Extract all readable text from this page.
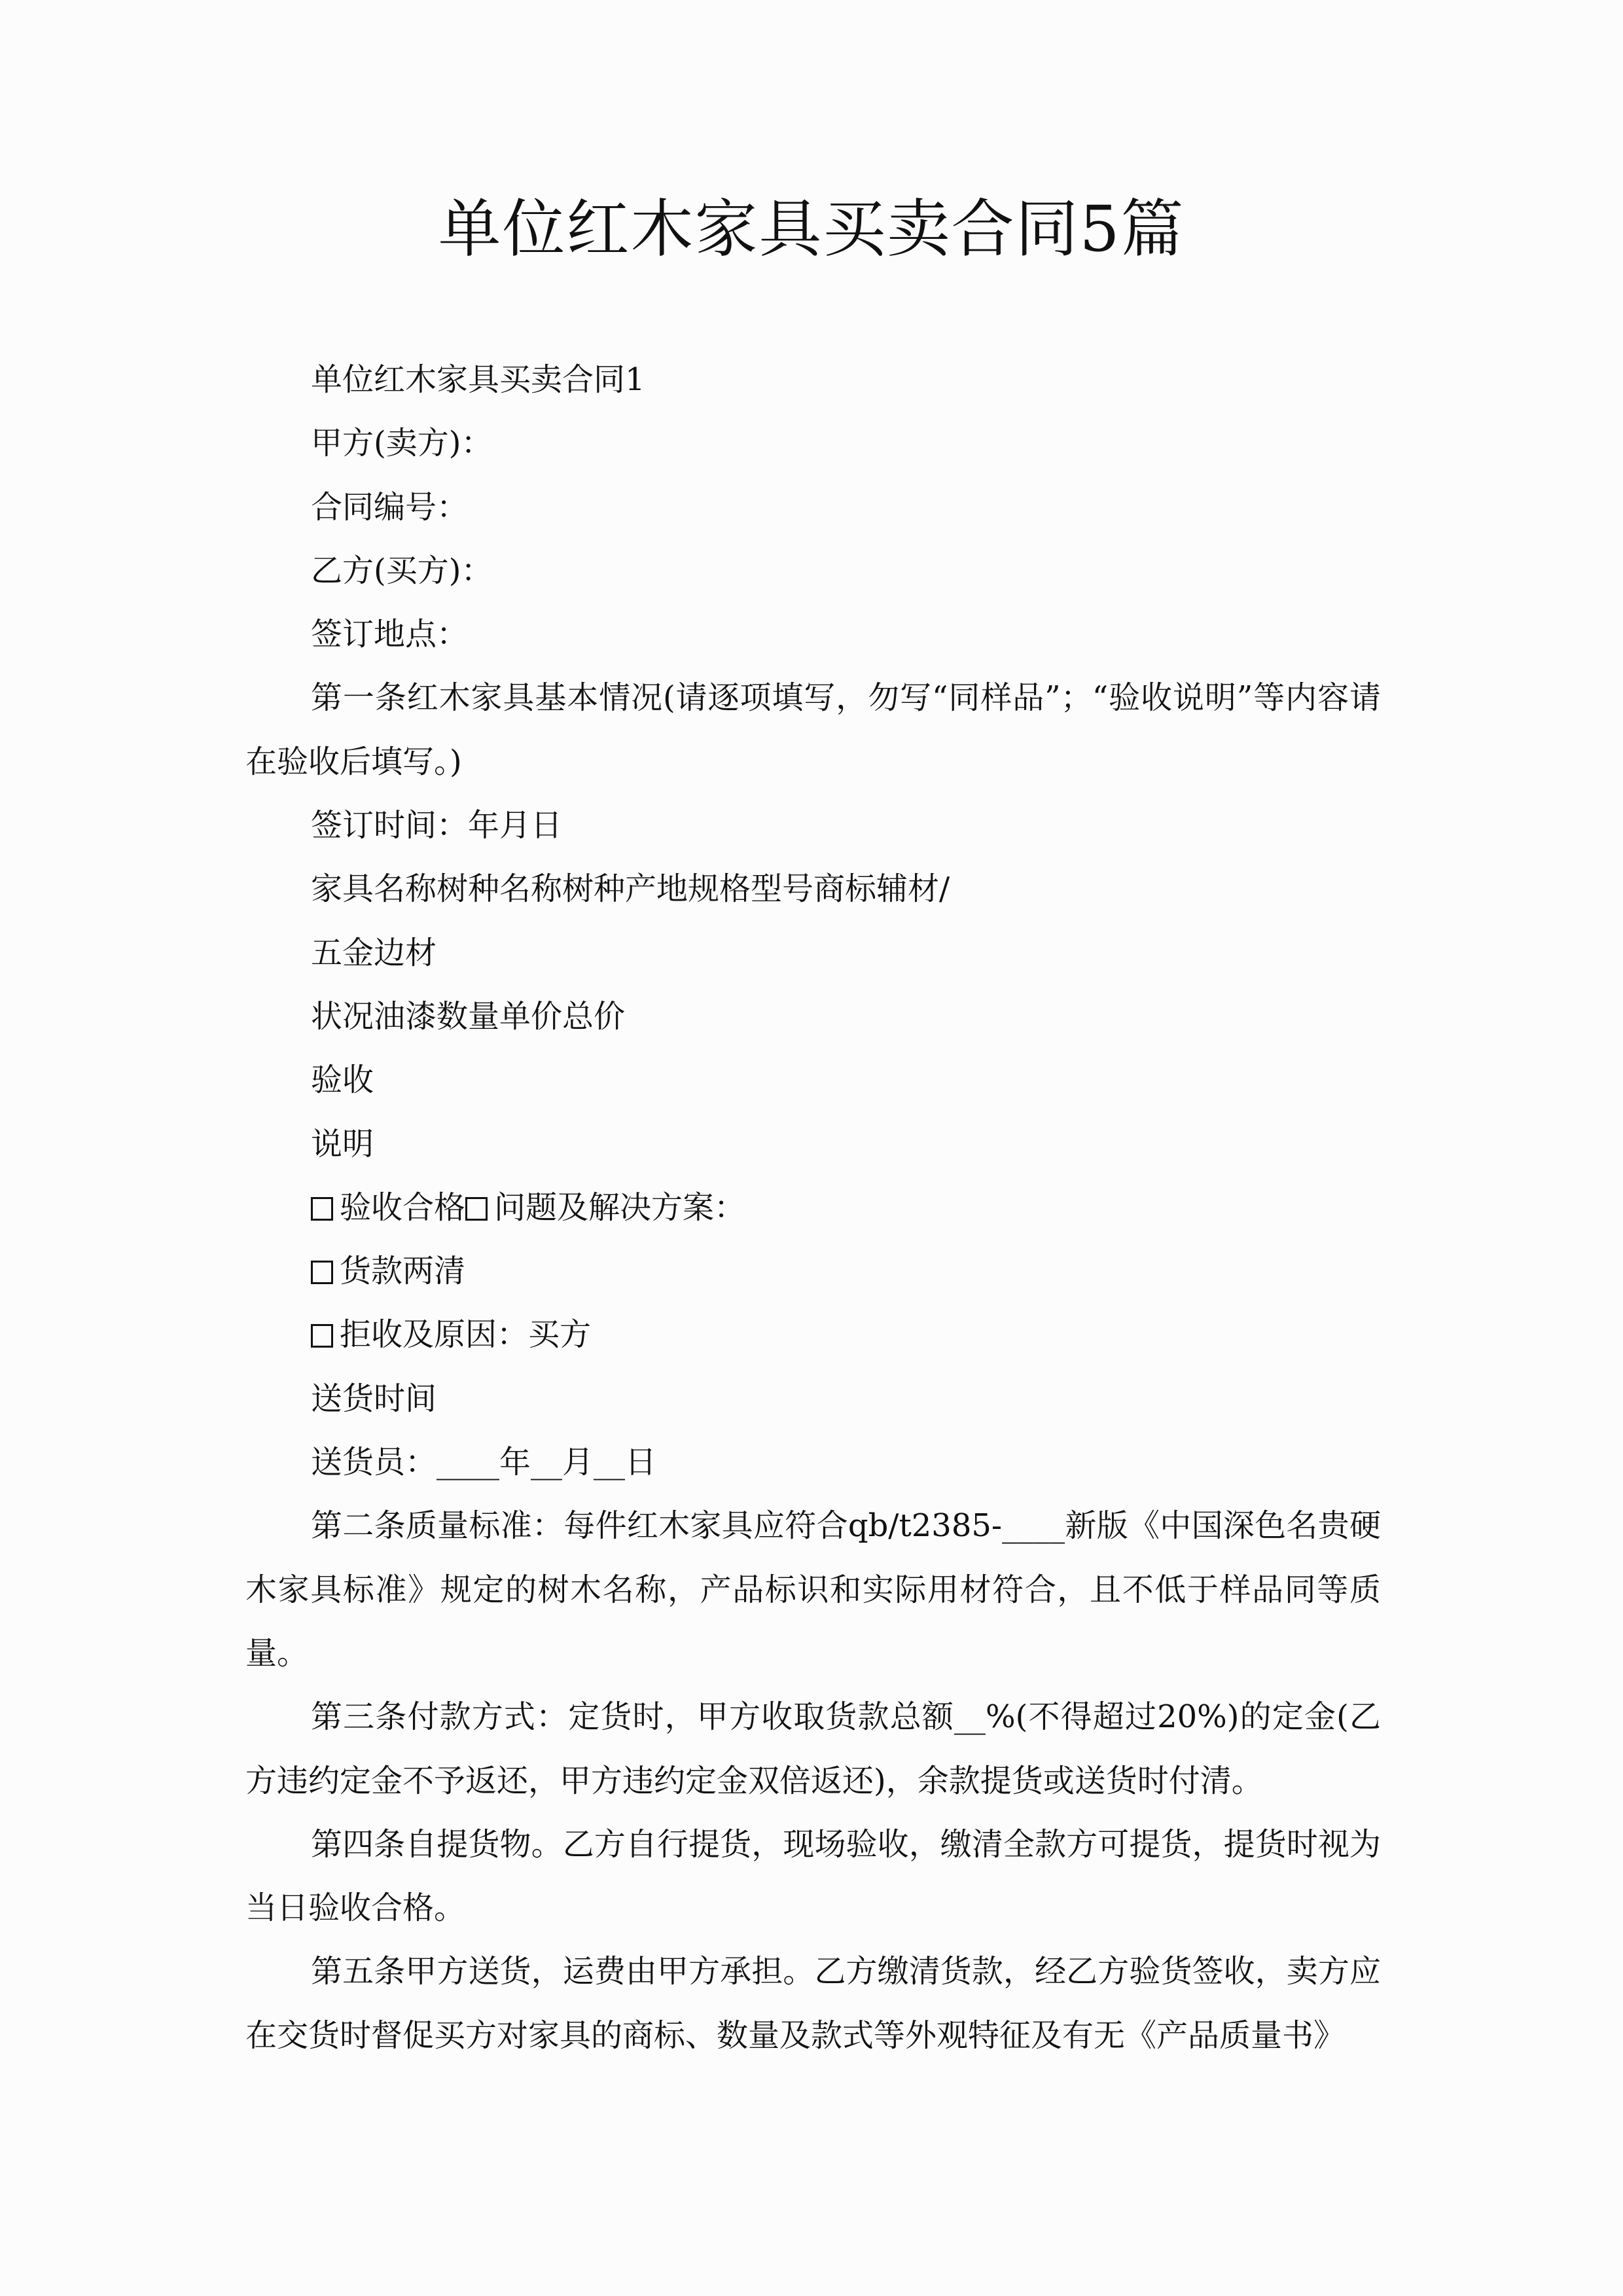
单位红木家具买卖合同5篇

单位红木家具买卖合同1

甲方(卖方)：

合同编号：

乙方(买方)：

签订地点：

第一条红木家具基本情况(请逐项填写，勿写“同样品”；“验收说明”等内容请在验收后填写。)

签订时间：年月日

家具名称树种名称树种产地规格型号商标辅材/

五金边材

状况油漆数量单价总价

验收

说明

验收合格 问题及解决方案：

货款两清

拒收及原因：买方

送货时间

送货员：____年__月__日

第二条质量标准：每件红木家具应符合qb/t2385-____新版《中国深色名贵硬木家具标准》规定的树木名称，产品标识和实际用材符合，且不低于样品同等质量。

第三条付款方式：定货时，甲方收取货款总额__%(不得超过20%)的定金(乙方违约定金不予返还，甲方违约定金双倍返还)，余款提货或送货时付清。

第四条自提货物。乙方自行提货，现场验收，缴清全款方可提货，提货时视为当日验收合格。

第五条甲方送货，运费由甲方承担。乙方缴清货款，经乙方验货签收，卖方应在交货时督促买方对家具的商标、数量及款式等外观特征及有无《产品质量书》
